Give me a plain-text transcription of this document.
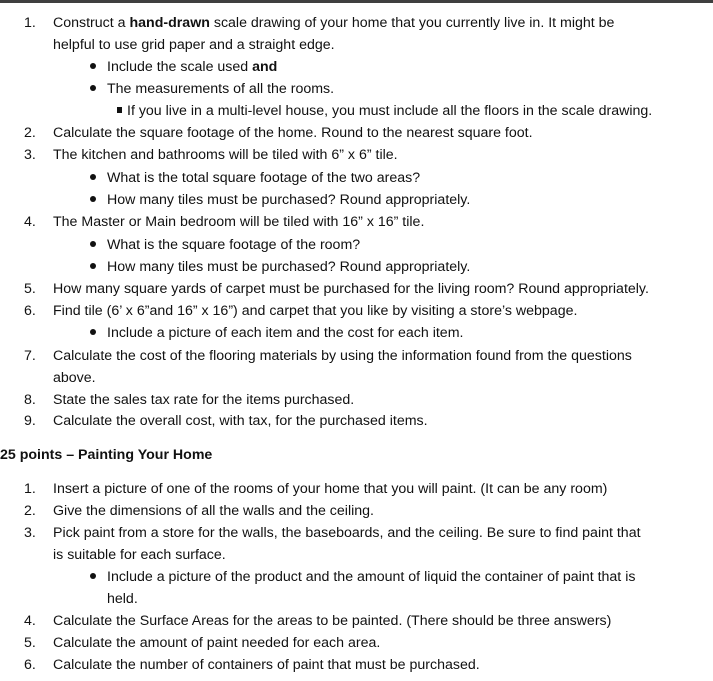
1.	Construct a hand-drawn scale drawing of your home that you currently live in. It might be
helpful to use grid paper and a straight edge.
Include the scale used and
The measurements of all the rooms.
If you live in a multi-level house, you must include all the floors in the scale drawing.
2.	Calculate the square footage of the home. Round to the nearest square foot.
3.	The kitchen and bathrooms will be tiled with 6” x 6” tile.
What is the total square footage of the two areas?
How many tiles must be purchased? Round appropriately.
4.	The Master or Main bedroom will be tiled with 16” x 16” tile.
What is the square footage of the room?
How many tiles must be purchased? Round appropriately.
5.	How many square yards of carpet must be purchased for the living room? Round appropriately.
6.	Find tile (6’ x 6”and 16” x 16”) and carpet that you like by visiting a store’s webpage.
Include a picture of each item and the cost for each item.
7.	Calculate the cost of the flooring materials by using the information found from the questions
above.
8.	State the sales tax rate for the items purchased.
9.	Calculate the overall cost, with tax, for the purchased items.
25 points – Painting Your Home
1.	Insert a picture of one of the rooms of your home that you will paint. (It can be any room)
2.	Give the dimensions of all the walls and the ceiling.
3.	Pick paint from a store for the walls, the baseboards, and the ceiling. Be sure to find paint that
is suitable for each surface.
Include a picture of the product and the amount of liquid the container of paint that is
held.
4.	Calculate the Surface Areas for the areas to be painted. (There should be three answers)
5.	Calculate the amount of paint needed for each area.
6.	Calculate the number of containers of paint that must be purchased.
